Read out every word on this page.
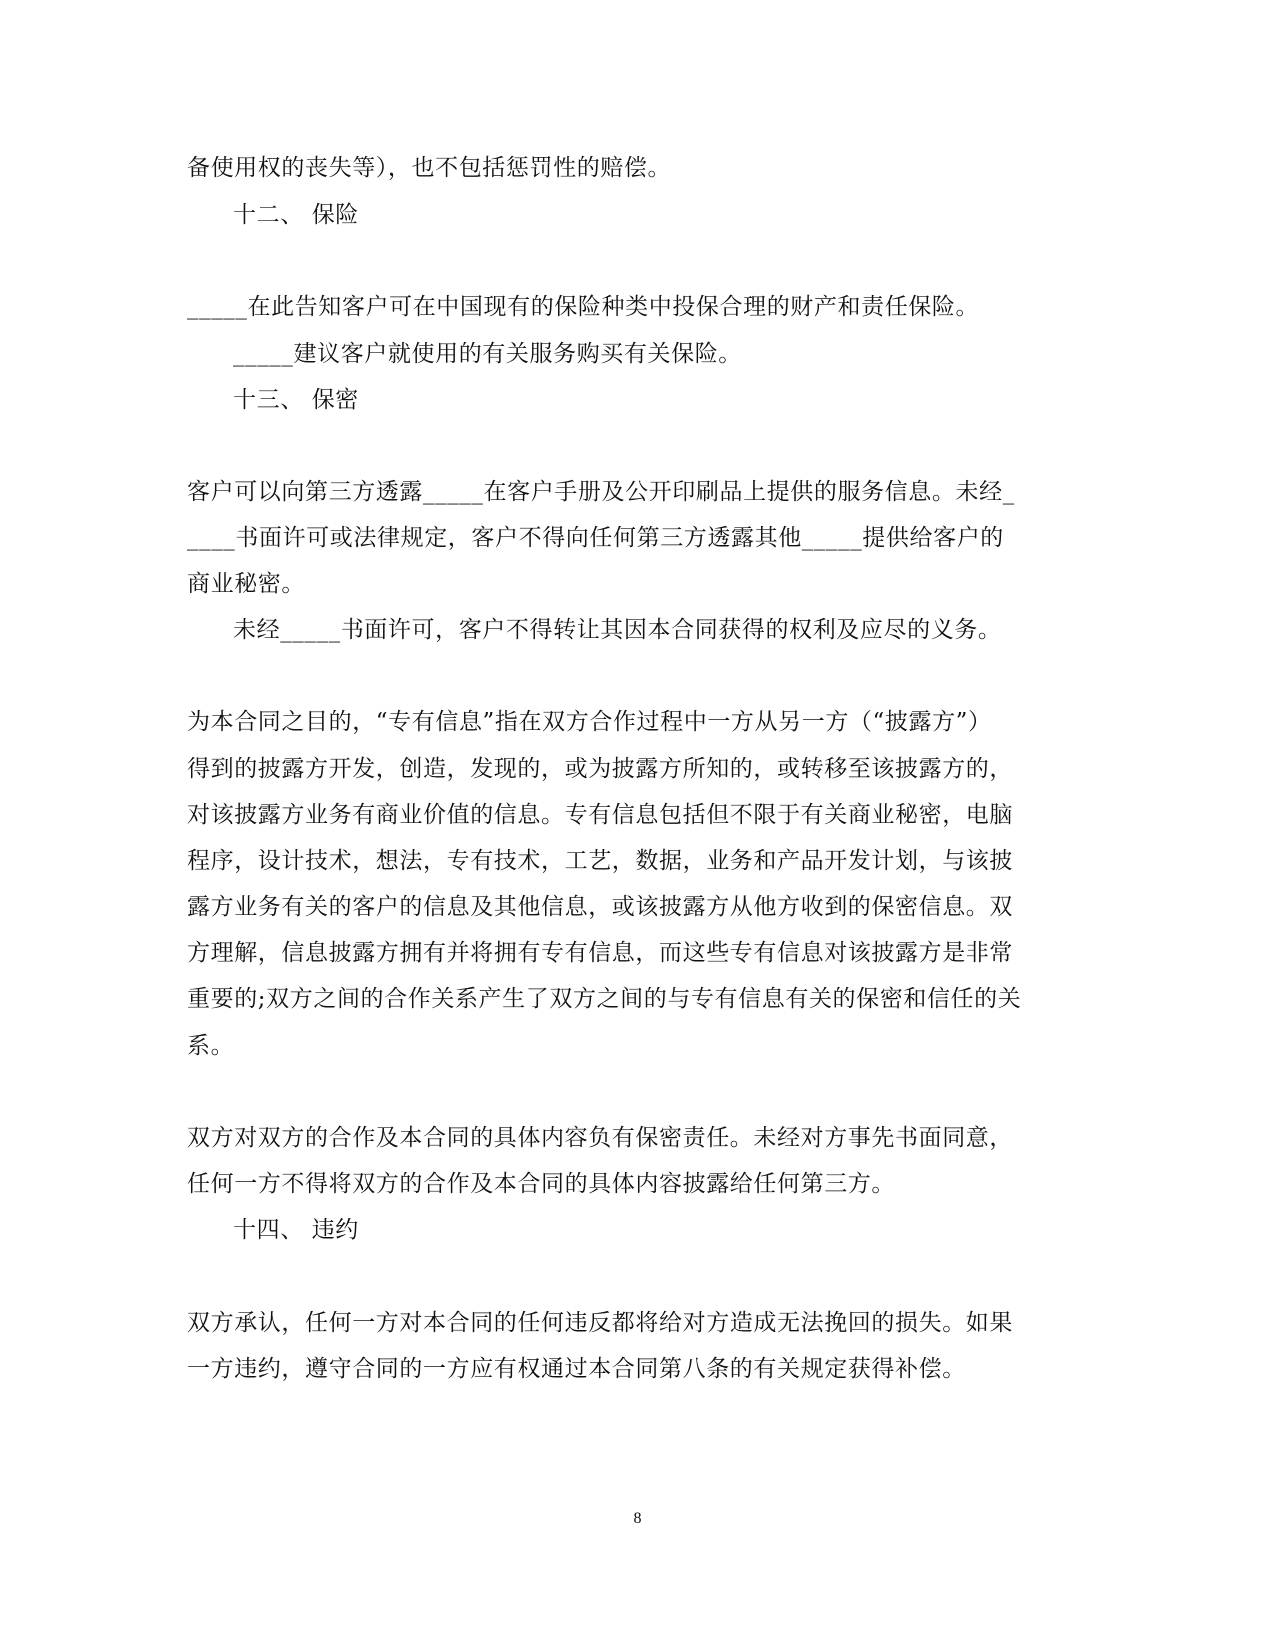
备使用权的丧失等），也不包括惩罚性的赔偿。
十二、 保险
_____在此告知客户可在中国现有的保险种类中投保合理的财产和责任保险。
_____建议客户就使用的有关服务购买有关保险。
十三、 保密
客户可以向第三方透露_____在客户手册及公开印刷品上提供的服务信息。未经_
____书面许可或法律规定，客户不得向任何第三方透露其他_____提供给客户的
商业秘密。
未经_____书面许可，客户不得转让其因本合同获得的权利及应尽的义务。
为本合同之目的，“专有信息”指在双方合作过程中一方从另一方（“披露方”）
得到的披露方开发，创造，发现的，或为披露方所知的，或转移至该披露方的，
对该披露方业务有商业价值的信息。专有信息包括但不限于有关商业秘密，电脑
程序，设计技术，想法，专有技术，工艺，数据，业务和产品开发计划，与该披
露方业务有关的客户的信息及其他信息，或该披露方从他方收到的保密信息。双
方理解，信息披露方拥有并将拥有专有信息，而这些专有信息对该披露方是非常
重要的;双方之间的合作关系产生了双方之间的与专有信息有关的保密和信任的关
系。
双方对双方的合作及本合同的具体内容负有保密责任。未经对方事先书面同意，
任何一方不得将双方的合作及本合同的具体内容披露给任何第三方。
十四、 违约
双方承认，任何一方对本合同的任何违反都将给对方造成无法挽回的损失。如果
一方违约，遵守合同的一方应有权通过本合同第八条的有关规定获得补偿。
8
